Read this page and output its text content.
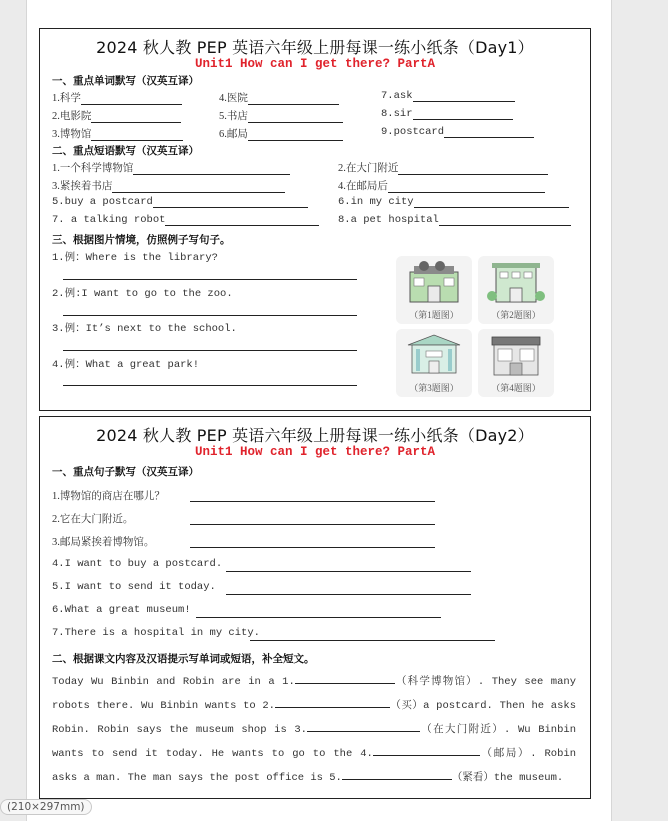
2024 秋人教 PEP 英语六年级上册每课一练小纸条（Day1）
Unit1 How can I get there? PartA
一、重点单词默写（汉英互译）
1.科学	4.医院	7.ask
2.电影院	5.书店	8.sir
3.博物馆	6.邮局	9.postcard
二、重点短语默写（汉英互译）
1.一个科学博物馆	2.在大门附近
3.紧挨着书店	4.在邮局后
5.buy a postcard	6.in my city
7. a talking robot	8.a pet hospital
三、根据图片情境，仿照例子写句子。
1.例：Where is the library?
2.例:I want to go to the zoo.
3.例：It’s next to the school.
4.例：What a great park!
（第1题图）	（第2题图）
（第3题图）	（第4题图）
2024 秋人教 PEP 英语六年级上册每课一练小纸条（Day2）
Unit1 How can I get there? PartA
一、重点句子默写（汉英互译）
1.博物馆的商店在哪儿？
2.它在大门附近。
3.邮局紧挨着博物馆。
4.I want to buy a postcard.
5.I want to send it today.
6.What a great museum!
7.There is a hospital in my city.
二、根据课文内容及汉语提示写单词或短语，补全短文。
Today Wu Binbin and Robin are in a 1.	（科学博物馆）. They see many robots there. Wu Binbin wants to 2.	（买）a postcard. Then he asks Robin. Robin says the museum shop is 3.	（在大门附近）. Wu Binbin wants to send it today. He wants to go to the 4.	（邮局）. Robin asks a man. The man says the post office is 5.	（紧看）the museum.
(210×297mm)
